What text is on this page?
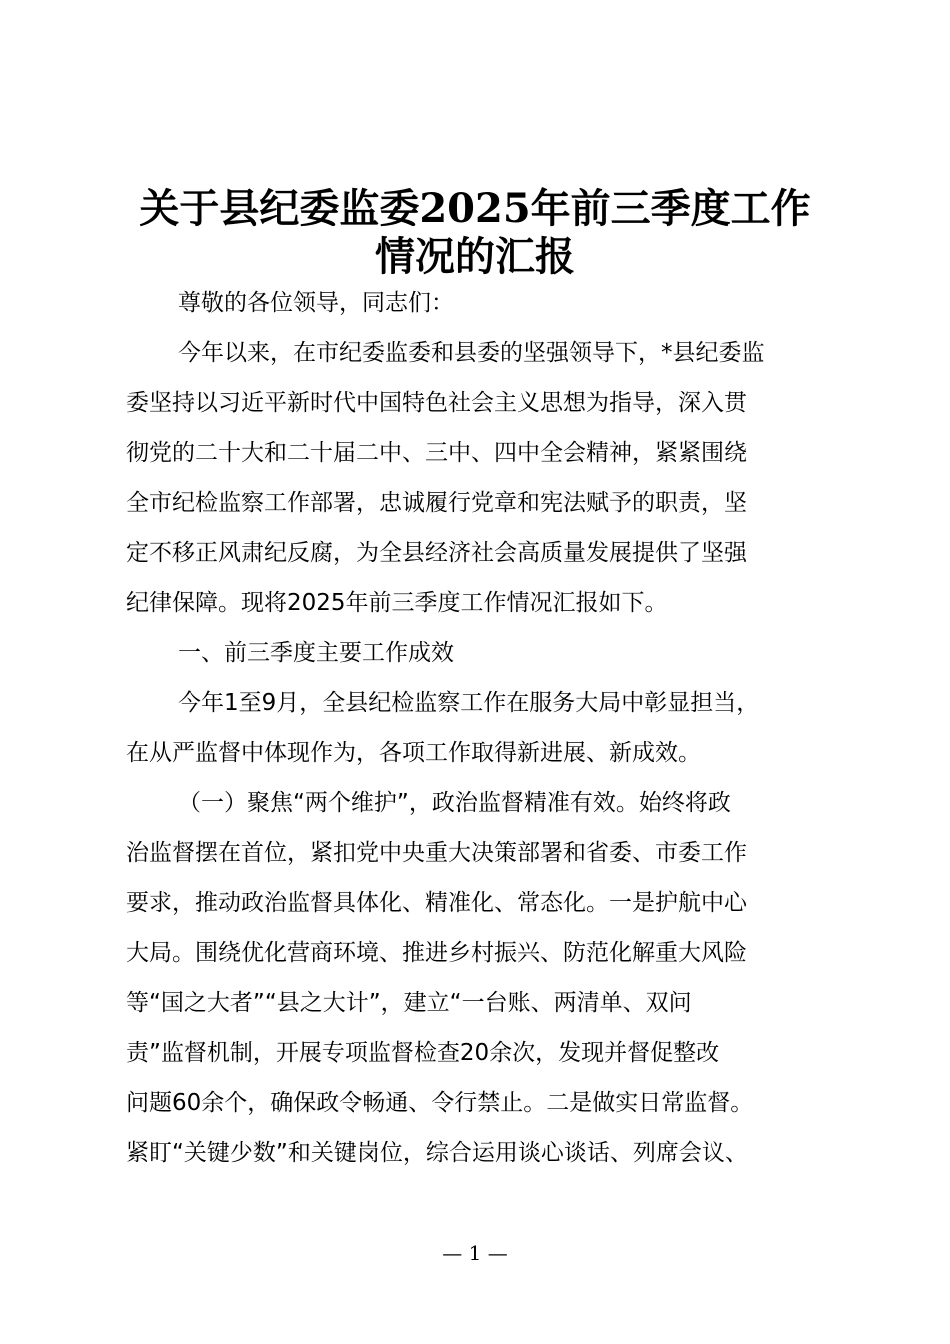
关于县纪委监委2025年前三季度工作
情况的汇报
尊敬的各位领导，同志们：
今年以来，在市纪委监委和县委的坚强领导下，*县纪委监
委坚持以习近平新时代中国特色社会主义思想为指导，深入贯
彻党的二十大和二十届二中、三中、四中全会精神，紧紧围绕
全市纪检监察工作部署，忠诚履行党章和宪法赋予的职责，坚
定不移正风肃纪反腐，为全县经济社会高质量发展提供了坚强
纪律保障。现将2025年前三季度工作情况汇报如下。
一、前三季度主要工作成效
今年1至9月，全县纪检监察工作在服务大局中彰显担当，
在从严监督中体现作为，各项工作取得新进展、新成效。
（一）聚焦“两个维护”，政治监督精准有效。始终将政
治监督摆在首位，紧扣党中央重大决策部署和省委、市委工作
要求，推动政治监督具体化、精准化、常态化。一是护航中心
大局。围绕优化营商环境、推进乡村振兴、防范化解重大风险
等“国之大者”“县之大计”，建立“一台账、两清单、双问
责”监督机制，开展专项监督检查20余次，发现并督促整改
问题60余个，确保政令畅通、令行禁止。二是做实日常监督。
紧盯“关键少数”和关键岗位，综合运用谈心谈话、列席会议、
— 1 —
